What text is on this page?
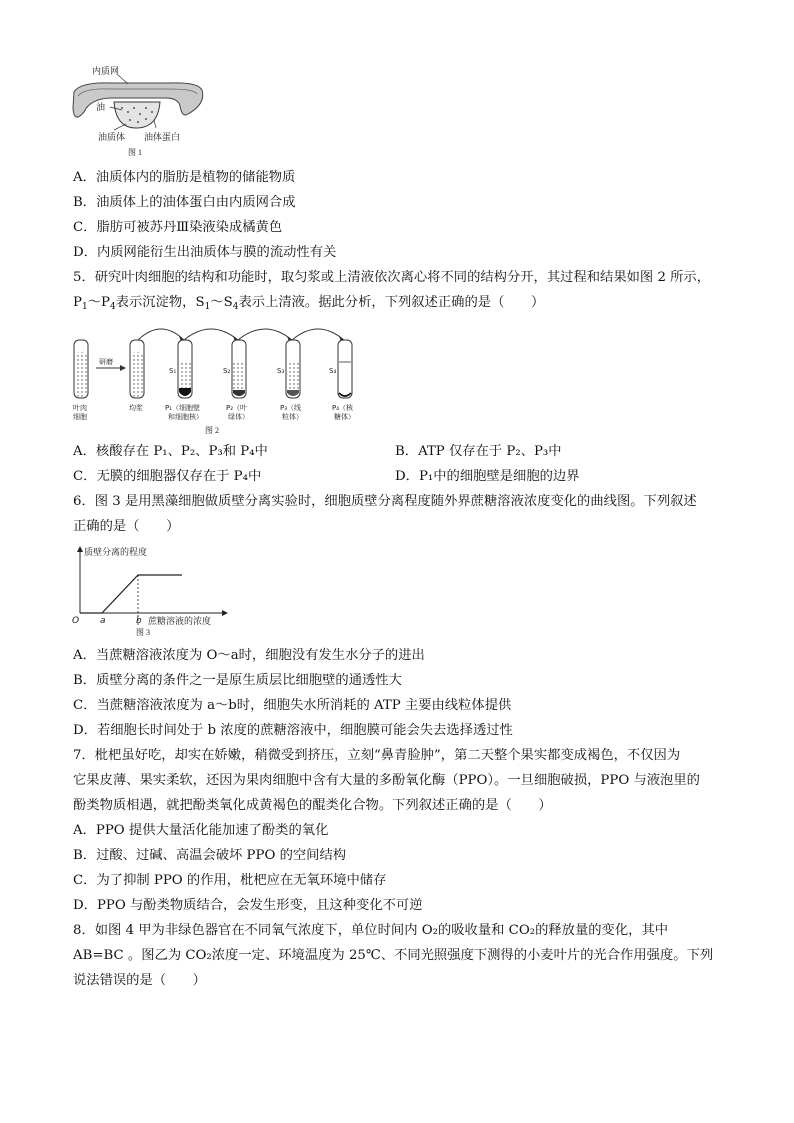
内质网
油
油质体 油体蛋白
图 1
A．油质体内的脂肪是植物的储能物质
B．油质体上的油体蛋白由内质网合成
C．脂肪可被苏丹Ⅲ染液染成橘黄色
D．内质网能衍生出油质体与膜的流动性有关
5．研究叶肉细胞的结构和功能时，取匀浆或上清液依次离心将不同的结构分开，其过程和结果如图 2 所示，
$P_1\sim P_4$表示沉淀物，$S_1\sim S_4$表示上清液。据此分析，下列叙述正确的是（　　）
研磨
S₁	S₂	S₃	S₄
叶肉
细胞
均浆	P₁（细胞壁
和细胞核）
P₂（叶
绿体）
P₃（线
粒体）
P₄（核
糖体）
图 2
A．核酸存在 P₁、P₂、P₃和 P₄中	B．ATP 仅存在于 P₂、P₃中
C．无膜的细胞器仅存在于 P₄中	D．P₁中的细胞壁是细胞的边界
6．图 3 是用黑藻细胞做质壁分离实验时，细胞质壁分离程度随外界蔗糖溶液浓度变化的曲线图。下列叙述
正确的是（　　）
质壁分离的程度
蔗糖溶液的浓度
O a	b
图 3
A．当蔗糖溶液浓度为 O～a时，细胞没有发生水分子的进出
B．质壁分离的条件之一是原生质层比细胞壁的通透性大
C．当蔗糖溶液浓度为 a～b时，细胞失水所消耗的 ATP 主要由线粒体提供
D．若细胞长时间处于 b 浓度的蔗糖溶液中，细胞膜可能会失去选择透过性
7．枇杷虽好吃，却实在娇嫩，稍微受到挤压，立刻“鼻青脸肿”，第二天整个果实都变成褐色，不仅因为
它果皮薄、果实柔软，还因为果肉细胞中含有大量的多酚氧化酶（PPO）。一旦细胞破损，PPO 与液泡里的
酚类物质相遇，就把酚类氧化成黄褐色的醌类化合物。下列叙述正确的是（　　）
A．PPO 提供大量活化能加速了酚类的氧化
B．过酸、过碱、高温会破坏 PPO 的空间结构
C．为了抑制 PPO 的作用，枇杷应在无氧环境中储存
D．PPO 与酚类物质结合，会发生形变，且这种变化不可逆
8．如图 4 甲为非绿色器官在不同氧气浓度下，单位时间内 O₂的吸收量和 CO₂的释放量的变化，其中
AB=BC 。图乙为 CO₂浓度一定、环境温度为 25℃、不同光照强度下测得的小麦叶片的光合作用强度。下列
说法错误的是（　　）
